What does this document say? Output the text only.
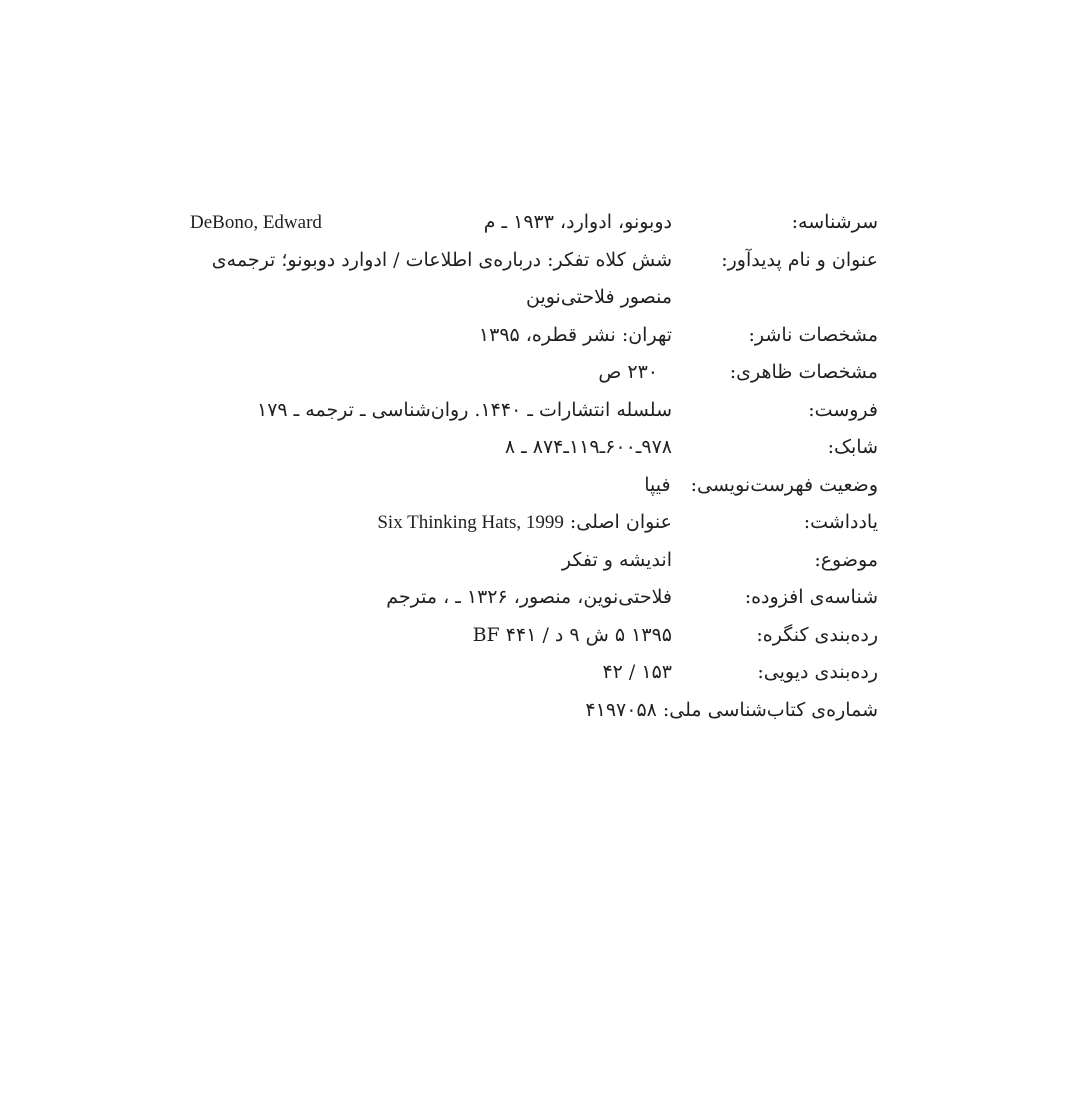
سرشناسه:
دوبونو، ادوارد، ۱۹۳۳ ـ م
DeBono, Edward
عنوان و نام پدیدآور:
شش کلاه تفکر: درباره‌ی اطلاعات / ادوارد دوبونو؛ ترجمه‌ی منصور فلاحتی‌نوین
مشخصات ناشر:
تهران: نشر قطره، ۱۳۹۵
مشخصات ظاهری:
۲۳۰ ص
فروست:
سلسله انتشارات ـ ۱۴۴۰. روان‌شناسی ـ ترجمه ـ ۱۷۹
شابک:
۹۷۸ـ۶۰۰ـ۱۱۹ـ۸۷۴ ـ ۸
وضعیت فهرست‌نویسی:
فیپا
یادداشت:
عنوان اصلی: Six Thinking Hats, 1999
موضوع:
اندیشه و تفکر
شناسه‌ی افزوده:
فلاحتی‌نوین، منصور، ۱۳۲۶ ـ ، مترجم
رده‌بندی کنگره:
۱۳۹۵ ۵ ش ۹ د / ۴۴۱ BF
رده‌بندی دیویی:
۱۵۳ / ۴۲
شماره‌ی کتاب‌شناسی ملی:
۴۱۹۷۰۵۸
